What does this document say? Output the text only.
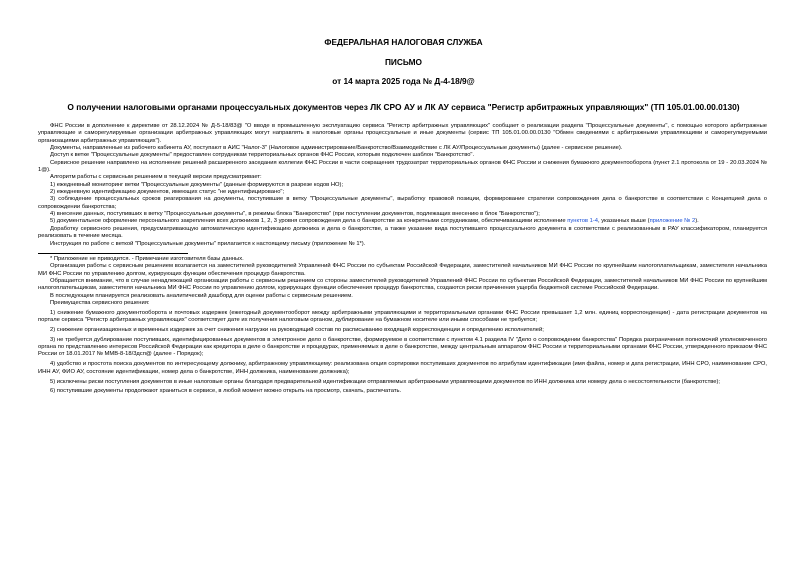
ФЕДЕРАЛЬНАЯ НАЛОГОВАЯ СЛУЖБА
ПИСЬМО
от 14 марта 2025 года № Д-4-18/9@
О получении налоговыми органами процессуальных документов через ЛК СРО АУ и ЛК АУ сервиса "Регистр арбитражных управляющих" (ТП 105.01.00.00.0130)

ФНС России в дополнение к директиве от 28.12.2024 № Д-5-18/83@ "О вводе в промышленную эксплуатацию сервиса "Регистр арбитражных управляющих" сообщает о реализации раздела "Процессуальные документы", с помощью которого арбитражные управляющие и саморегулируемые организации арбитражных управляющих могут направлять в налоговые органы процессуальные и иные документы (сервис ТП 105.01.00.00.0130 "Обмен сведениями с арбитражными управляющими и саморегулируемыми организациями арбитражных управляющих").

Документы, направленные из рабочего кабинета АУ, поступают в АИС "Налог-3" (Налоговое администрирование/Банкротство/Взаимодействие с ЛК АУ/Процессуальные документы) (далее - сервисное решение).

Доступ к ветке "Процессуальные документы" предоставлен сотрудникам территориальных органов ФНС России, которым подключен шаблон "Банкротство".

Сервисное решение направлено на исполнение решений расширенного заседания коллегии ФНС России в части сокращения трудозатрат территориальных органов ФНС России и снижения бумажного документооборота (пункт 2.1 протокола от 19 - 20.03.2024 № 1@).

Алгоритм работы с сервисным решением в текущей версии предусматривает:

1) ежедневный мониторинг ветки "Процессуальные документы" (данные формируются в разрезе кодов НО);

2) ежедневную идентификацию документов, имеющих статус "не идентифицировано";

3) соблюдение процессуальных сроков реагирования на документы, поступившие в ветку "Процессуальные документы", выработку правовой позиции, формирование стратегии сопровождения дела о банкротстве в соответствии с Концепцией дела о сопровождении банкротства;

4) внесение данных, поступивших в ветку "Процессуальные документы", в режимы блока "Банкротство" (при поступлении документов, подлежащих внесению в блок "Банкротство");

5) документальное оформление персонального закрепления всех должников 1, 2, 3 уровня сопровождения дела о банкротстве за конкретными сотрудниками, обеспечивающими исполнение пунктов 1-4, указанных выше (приложение № 2).

Доработку сервисного решения, предусматривающую автоматическую идентификацию должника и дела о банкротстве, а также указание вида поступившего процессуального документа в соответствии с реализованным в РАУ классификатором, планируется реализовать в течение месяца.

Инструкция по работе с веткой "Процессуальные документы" прилагается к настоящему письму (приложение № 1*).

* Приложение не приводится. - Примечание изготовителя базы данных.

Организация работы с сервисным решением возлагается на заместителей руководителей Управлений ФНС России по субъектам Российской Федерации, заместителей начальников МИ ФНС России по крупнейшим налогоплательщикам, заместителя начальника МИ ФНС России по управлению долгом, курирующих функции обеспечения процедур банкротства.

Обращается внимание, что в случае ненадлежащей организации работы с сервисным решением со стороны заместителей руководителей Управлений ФНС России по субъектам Российской Федерации, заместителей начальников МИ ФНС России по крупнейшим налогоплательщикам, заместителя начальника МИ ФНС России по управлению долгом, курирующих функции обеспечения процедур банкротства, создаются риски причинения ущерба бюджетной системе Российской Федерации.

В последующем планируется реализовать аналитический дашборд для оценки работы с сервисным решением.

Преимущества сервисного решения:

1) снижение бумажного документооборота и почтовых издержек (ежегодный документооборот между арбитражными управляющими и территориальными органами ФНС России превышает 1,2 млн. единиц корреспонденции) - дата регистрации документов на портале сервиса "Регистр арбитражных управляющих" соответствует дате их получения налоговым органом, дублирование на бумажном носителе или иными способами не требуется;

2) снижение организационных и временных издержек за счет снижения нагрузки на руководящий состав по расписыванию входящей корреспонденции и определению исполнителей;

3) не требуется дублирование поступивших, идентифицированных документов в электронное дело о банкротстве, формируемое в соответствии с пунктом 4.1 раздела IV "Дело о сопровождении банкротства" Порядка разграничения полномочий уполномоченного органа по представлению интересов Российской Федерации как кредитора в деле о банкротстве и процедурах, применяемых в деле о банкротстве, между центральным аппаратом ФНС России и территориальными органами ФНС России, утвержденного приказом ФНС России от 18.01.2017 № ММВ-8-18/3дсп@ (далее - Порядок);

4) удобство и простота поиска документов по интересующему должнику, арбитражному управляющему: реализована опция сортировки поступивших документов по атрибутам идентификации (имя файла, номер и дата регистрации, ИНН СРО, наименование СРО, ИНН АУ, ФИО АУ, состояние идентификации, номер дела о банкротстве, ИНН должника, наименование должника);

5) исключены риски поступления документов в иные налоговые органы благодаря предварительной идентификации отправляемых арбитражными управляющими документов по ИНН должника или номеру дела о несостоятельности (банкротстве);

6) поступившие документы продолжают храниться в сервисе, в любой момент можно открыть на просмотр, скачать, распечатать.
